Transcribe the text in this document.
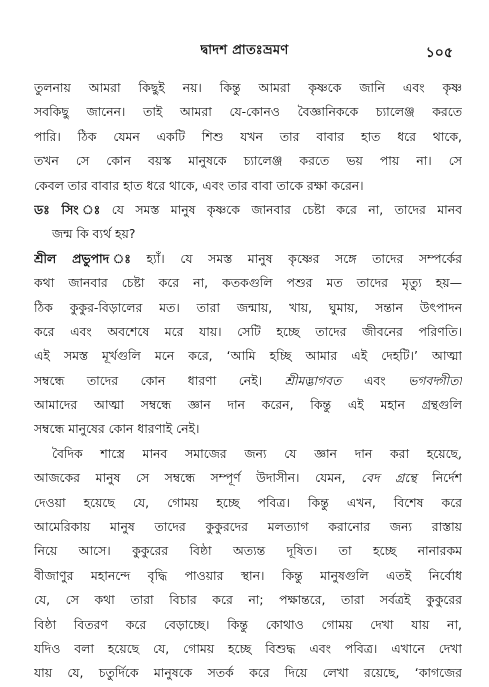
দ্বাদশ প্রাতঃভ্রমণ	১০৫
তুলনায় আমরা কিছুই নয়। কিন্তু আমরা কৃষ্ণকে জানি এবং কৃষ্ণ
সবকিছু জানেন। তাই আমরা যে-কোনও বৈজ্ঞানিককে চ্যালেঞ্জ করতে
পারি। ঠিক যেমন একটি শিশু যখন তার বাবার হাত ধরে থাকে,
তখন সে কোন বয়স্ক মানুষকে চ্যালেঞ্জ করতে ভয় পায় না। সে
কেবল তার বাবার হাত ধরে থাকে, এবং তার বাবা তাকে রক্ষা করেন।
ডঃ সিং ঃ যে সমস্ত মানুষ কৃষ্ণকে জানবার চেষ্টা করে না, তাদের মানব
জন্ম কি ব্যর্থ হয়?
শ্রীল প্রভুপাদ ঃ হ্যাঁ। যে সমস্ত মানুষ কৃষ্ণের সঙ্গে তাদের সম্পর্কের
কথা জানবার চেষ্টা করে না, কতকগুলি পশুর মত তাদের মৃত্যু হয়—
ঠিক কুকুর-বিড়ালের মত। তারা জন্মায়, খায়, ঘুমায়, সন্তান উৎপাদন
করে এবং অবশেষে মরে যায়। সেটি হচ্ছে তাদের জীবনের পরিণতি।
এই সমস্ত মূর্খগুলি মনে করে, ‘আমি হচ্ছি আমার এই দেহটি।’ আত্মা
সম্বন্ধে তাদের কোন ধারণা নেই। শ্রীমদ্ভাগবত এবং ভগবদ্গীতা
আমাদের আত্মা সম্বন্ধে জ্ঞান দান করেন, কিন্তু এই মহান গ্রন্থগুলি
সম্বন্ধে মানুষের কোন ধারণাই নেই।
বৈদিক শাস্ত্রে মানব সমাজের জন্য যে জ্ঞান দান করা হয়েছে,
আজকের মানুষ সে সম্বন্ধে সম্পূর্ণ উদাসীন। যেমন, বেদ গ্রন্থে নির্দেশ
দেওয়া হয়েছে যে, গোময় হচ্ছে পবিত্র। কিন্তু এখন, বিশেষ করে
আমেরিকায় মানুষ তাদের কুকুরদের মলত্যাগ করানোর জন্য রাস্তায়
নিয়ে আসে। কুকুরের বিষ্ঠা অত্যন্ত দূষিত। তা হচ্ছে নানারকম
বীজাণুর মহানন্দে বৃদ্ধি পাওয়ার স্থান। কিন্তু মানুষগুলি এতই নির্বোধ
যে, সে কথা তারা বিচার করে না; পক্ষান্তরে, তারা সর্বত্রই কুকুরের
বিষ্ঠা বিতরণ করে বেড়াচ্ছে। কিন্তু কোথাও গোময় দেখা যায় না,
যদিও বলা হয়েছে যে, গোময় হচ্ছে বিশুদ্ধ এবং পবিত্র। এখানে দেখা
যায় যে, চতুর্দিকে মানুষকে সতর্ক করে দিয়ে লেখা রয়েছে, ‘কাগজের
